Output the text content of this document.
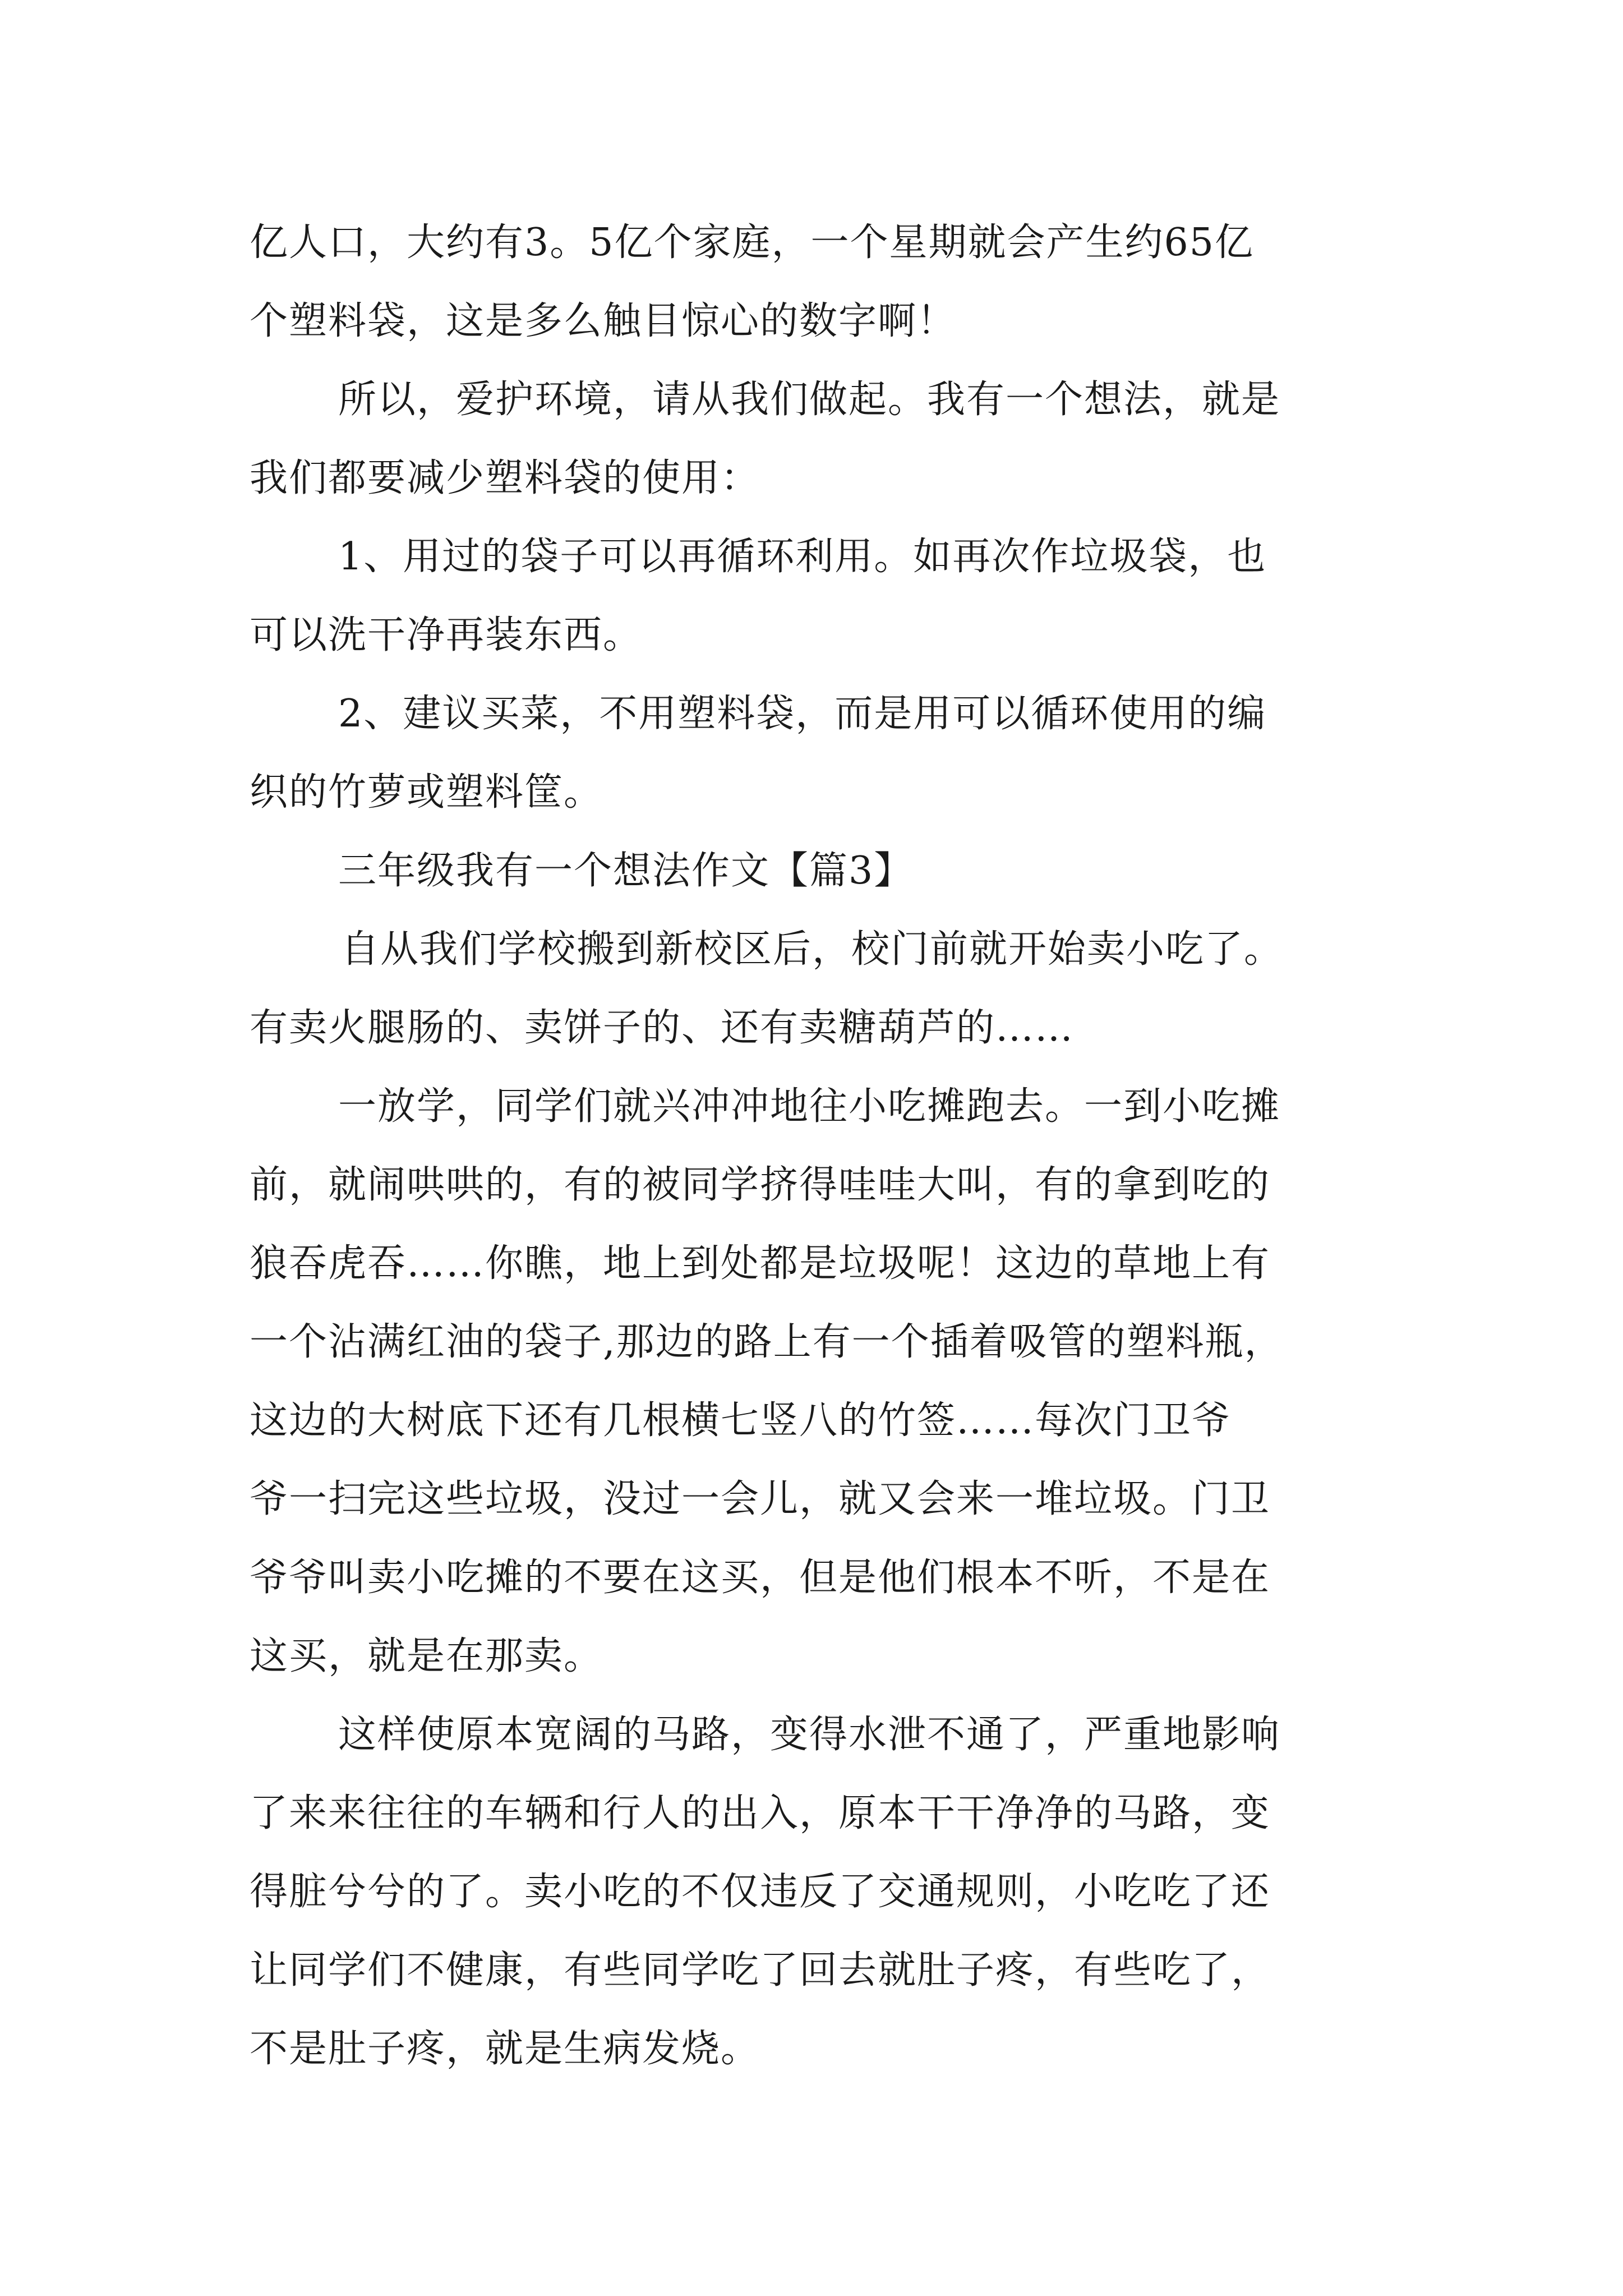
亿人口，大约有3。5亿个家庭，一个星期就会产生约65亿
个塑料袋，这是多么触目惊心的数字啊！
所以，爱护环境，请从我们做起。我有一个想法，就是
我们都要减少塑料袋的使用：
1、用过的袋子可以再循环利用。如再次作垃圾袋，也
可以洗干净再装东西。
2、建议买菜，不用塑料袋，而是用可以循环使用的编
织的竹萝或塑料筐。
三年级我有一个想法作文【篇3】
自从我们学校搬到新校区后，校门前就开始卖小吃了。
有卖火腿肠的、卖饼子的、还有卖糖葫芦的……
一放学，同学们就兴冲冲地往小吃摊跑去。一到小吃摊
前，就闹哄哄的，有的被同学挤得哇哇大叫，有的拿到吃的
狼吞虎吞……你瞧，地上到处都是垃圾呢！这边的草地上有
一个沾满红油的袋子,那边的路上有一个插着吸管的塑料瓶，
这边的大树底下还有几根横七竖八的竹签……每次门卫爷
爷一扫完这些垃圾，没过一会儿，就又会来一堆垃圾。门卫
爷爷叫卖小吃摊的不要在这买，但是他们根本不听，不是在
这买，就是在那卖。
这样使原本宽阔的马路，变得水泄不通了，严重地影响
了来来往往的车辆和行人的出入，原本干干净净的马路，变
得脏兮兮的了。卖小吃的不仅违反了交通规则，小吃吃了还
让同学们不健康，有些同学吃了回去就肚子疼，有些吃了，
不是肚子疼，就是生病发烧。
